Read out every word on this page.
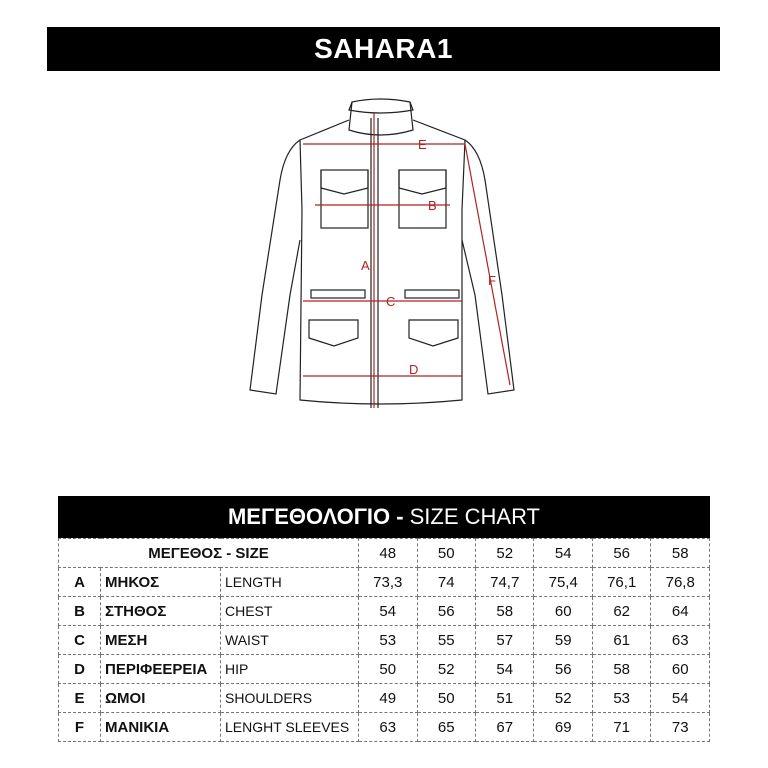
SAHARA1
E
B
A
C
D
F
ΜΕΓΕΘΟΛΟΓΙΟ - SIZE CHART
ΜΕΓΕΘΟΣ - SIZE			48	50	52	54	56	58
A	ΜΗΚΟΣ	LENGTH	73,3	74	74,7	75,4	76,1	76,8
B	ΣΤΗΘΟΣ	CHEST	54	56	58	60	62	64
C	ΜΕΣΗ	WAIST	53	55	57	59	61	63
D	ΠΕΡΙΦΕΕΡΕΙΑ	HIP	50	52	54	56	58	60
E	ΩΜΟΙ	SHOULDERS	49	50	51	52	53	54
F	ΜΑΝΙΚΙΑ	LENGHT SLEEVES	63	65	67	69	71	73
